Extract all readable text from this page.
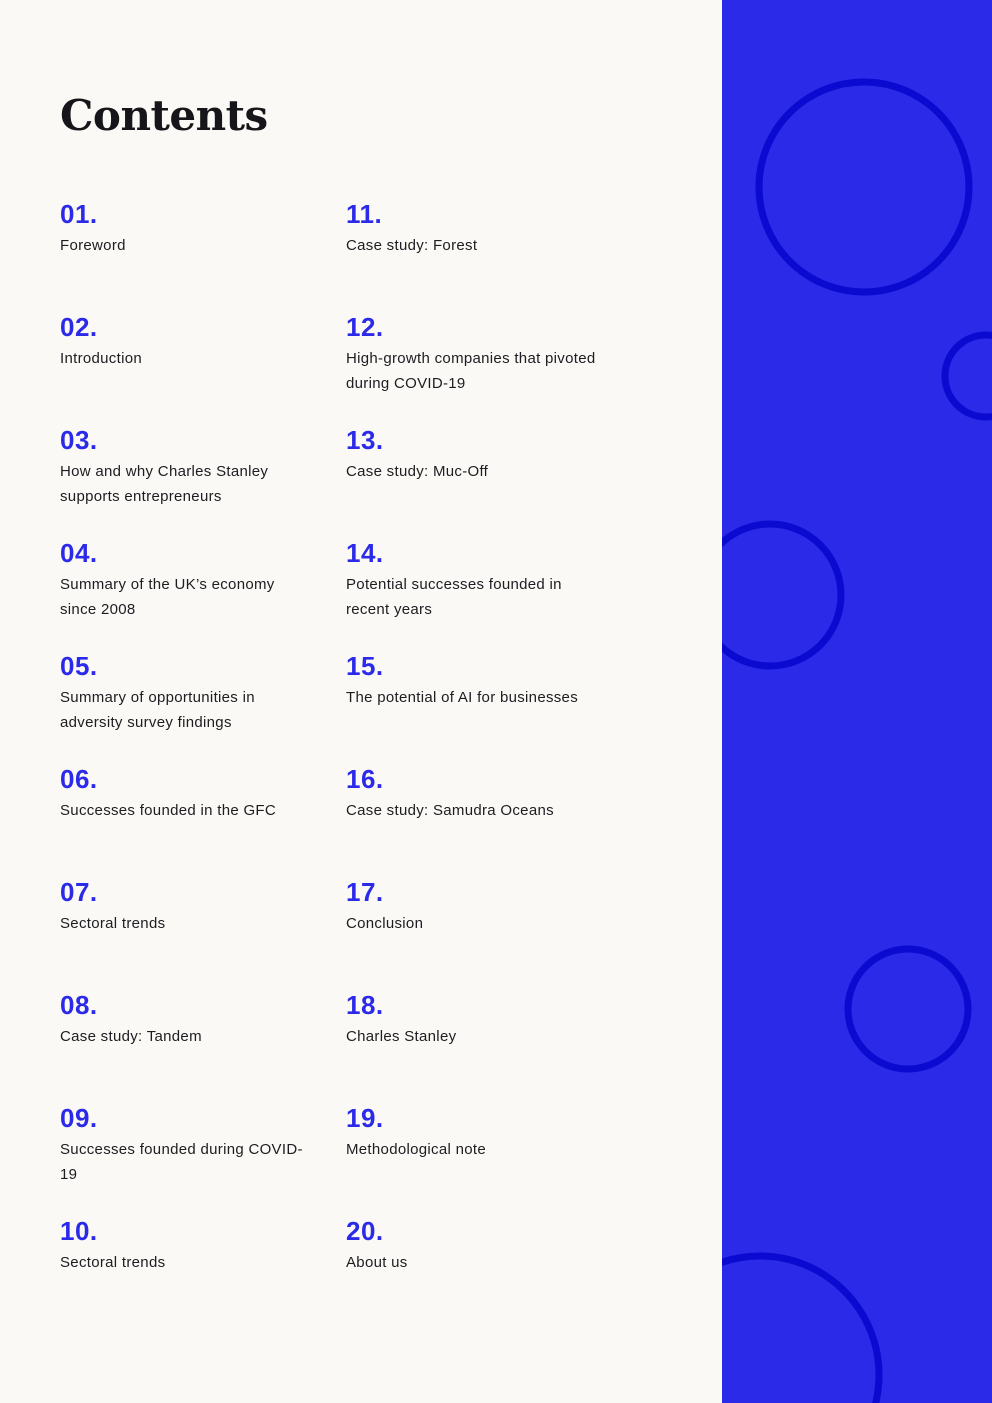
Contents
01.
Foreword
02.
Introduction
03.
How and why Charles Stanley supports entrepreneurs
04.
Summary of the UK’s economy since 2008
05.
Summary of opportunities in adversity survey findings
06.
Successes founded in the GFC
07.
Sectoral trends
08.
Case study: Tandem
09.
Successes founded during COVID-19
10.
Sectoral trends
11.
Case study: Forest
12.
High-growth companies that pivoted during COVID-19
13.
Case study: Muc-Off
14.
Potential successes founded in recent years
15.
The potential of AI for businesses
16.
Case study: Samudra Oceans
17.
Conclusion
18.
Charles Stanley
19.
Methodological note
20.
About us
